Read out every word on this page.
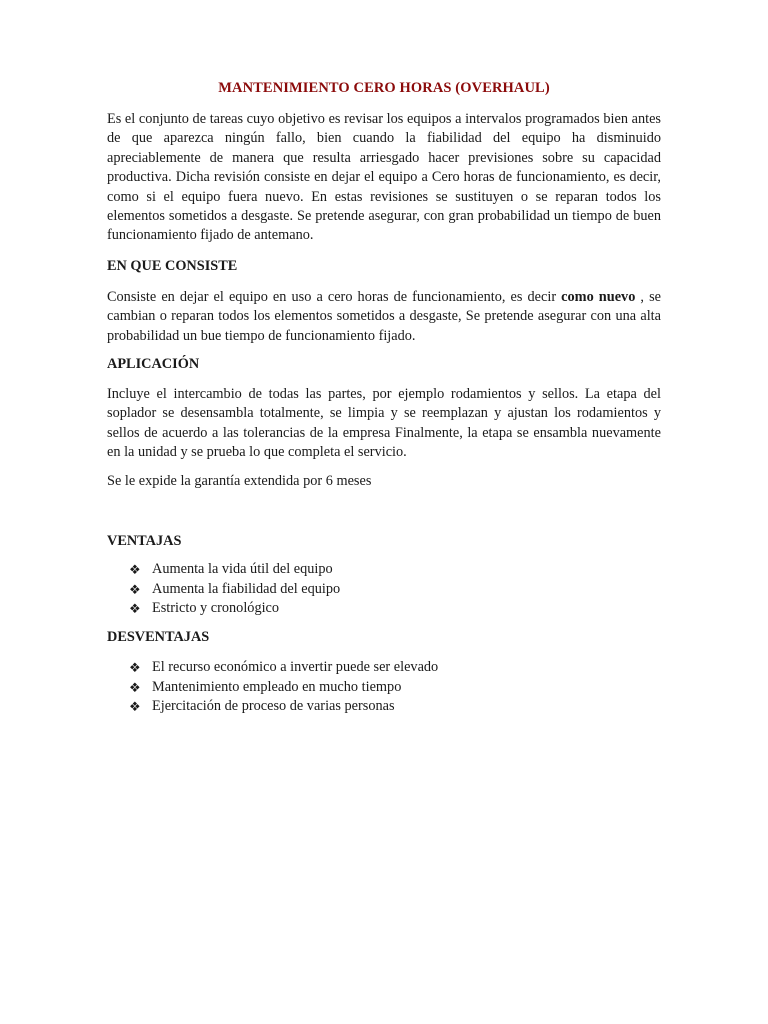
MANTENIMIENTO CERO HORAS (OVERHAUL)

Es el conjunto de tareas cuyo objetivo es revisar los equipos a intervalos programados bien antes de que aparezca ningún fallo, bien cuando la fiabilidad del equipo ha disminuido apreciablemente de manera que resulta arriesgado hacer previsiones sobre su capacidad productiva. Dicha revisión consiste en dejar el equipo a Cero horas de funcionamiento, es decir, como si el equipo fuera nuevo. En estas revisiones se sustituyen o se reparan todos los elementos sometidos a desgaste. Se pretende asegurar, con gran probabilidad un tiempo de buen funcionamiento fijado de antemano.

EN QUE CONSISTE

Consiste en dejar el equipo en uso a cero horas de funcionamiento, es decir como nuevo , se cambian o reparan todos los elementos sometidos a desgaste, Se pretende asegurar con una alta probabilidad un bue tiempo de funcionamiento fijado.

APLICACIÓN

Incluye el intercambio de todas las partes, por ejemplo rodamientos y sellos. La etapa del soplador se desensambla totalmente, se limpia y se reemplazan y ajustan los rodamientos y sellos de acuerdo a las tolerancias de la empresa Finalmente, la etapa se ensambla nuevamente en la unidad y se prueba lo que completa el servicio.

Se le expide la garantía extendida por 6 meses

VENTAJAS
❖ Aumenta la vida útil del equipo
❖ Aumenta la fiabilidad del equipo
❖ Estricto y cronológico
DESVENTAJAS
❖ El recurso económico a invertir puede ser elevado
❖ Mantenimiento empleado en mucho tiempo
❖ Ejercitación de proceso de varias personas
